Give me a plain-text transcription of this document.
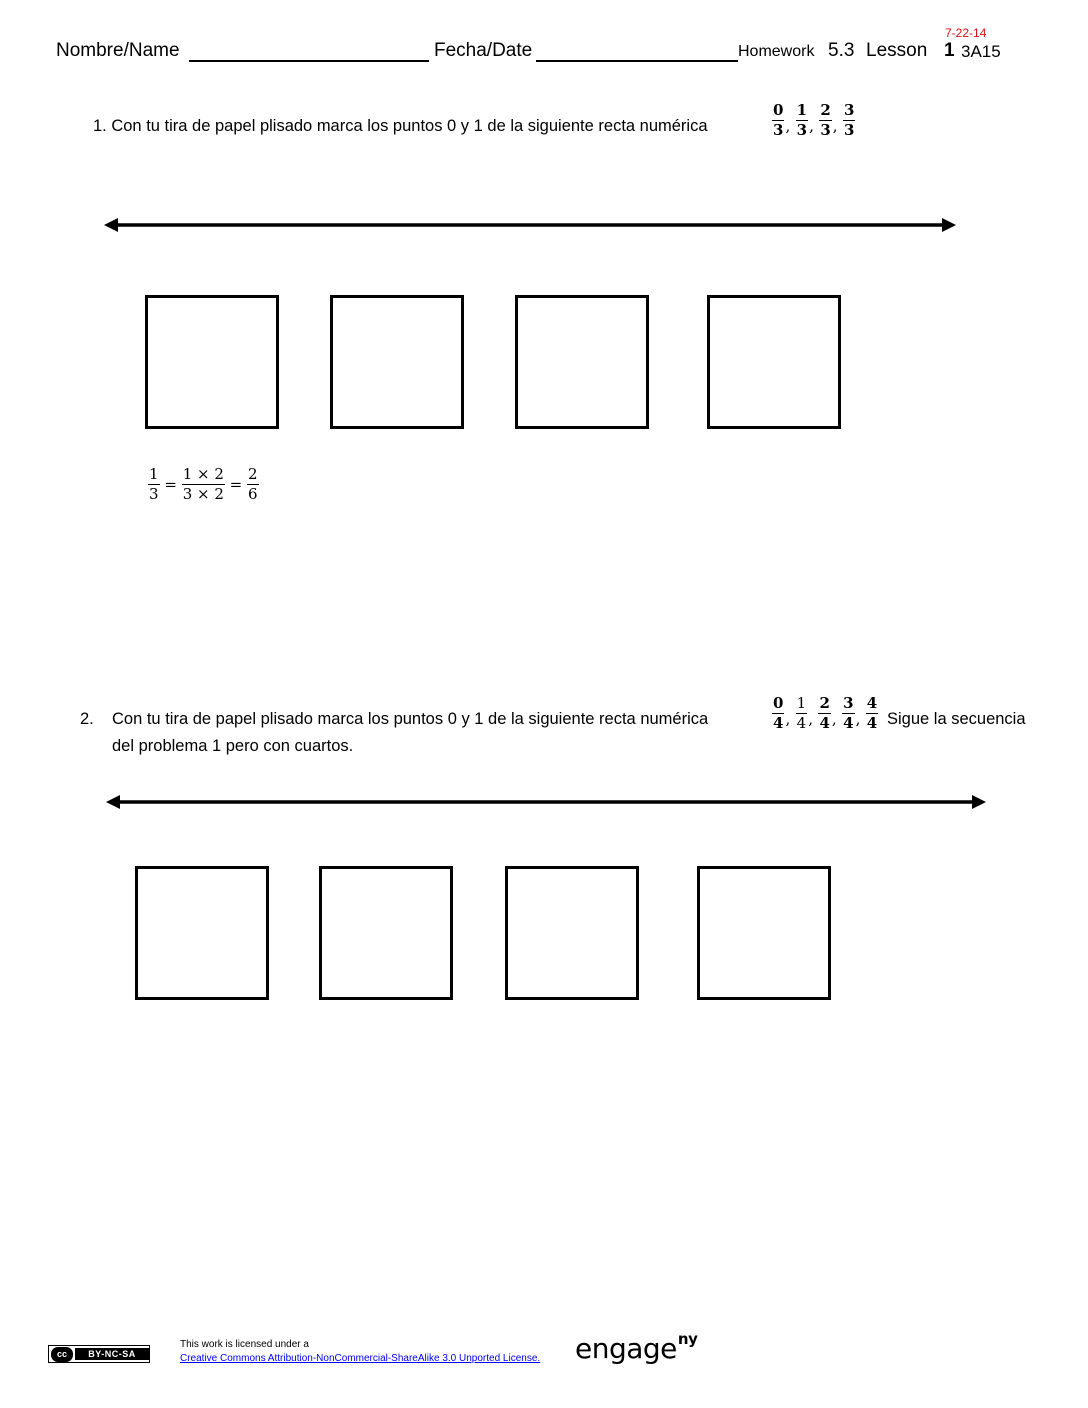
7-22-14
Nombre/Name	Fecha/Date	Homework 5.3 Lesson 1 3A15
1. Con tu tira de papel plisado marca los puntos 0 y 1 de la siguiente recta numérica	$\frac{0}{3}$ , $\frac{1}{3}$ , $\frac{2}{3}$ , $\frac{3}{3}$
$\frac{1}{3} = \frac{1 \times 2}{3 \times 2} = \frac{2}{6}$
2. Con tu tira de papel plisado marca los puntos 0 y 1 de la siguiente recta numérica	$\frac{0}{4}$ , $\frac{1}{4}$ , $\frac{2}{4}$ , $\frac{3}{4}$ , $\frac{4}{4}$ Sigue la secuencia
del problema 1 pero con cuartos.
cc	BY-NC-SA
This work is licensed under a
Creative Commons Attribution-NonCommercial-ShareAlike 3.0 Unported License. engage$^{ny}$
